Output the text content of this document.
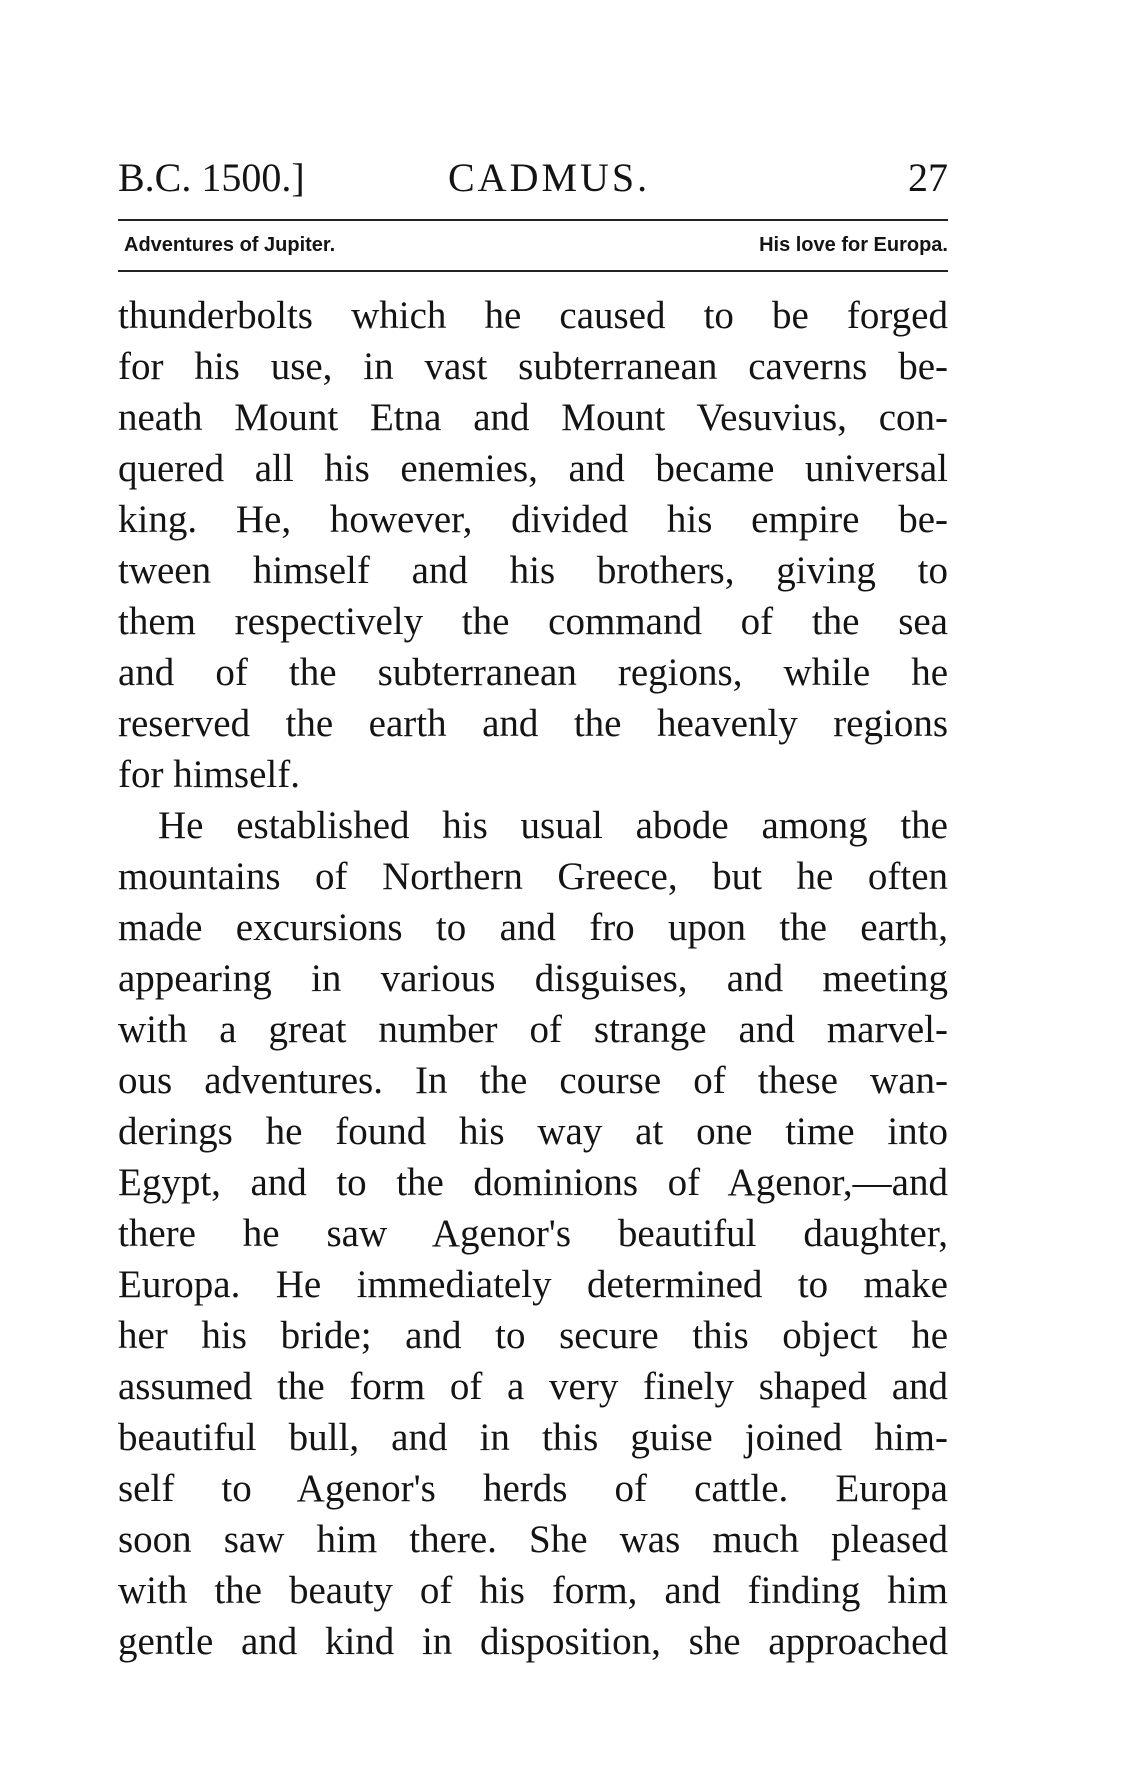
B.C. 1500.]	CADMUS.	27
Adventures of Jupiter.	His love for Europa.
thunderbolts which he caused to be forged
for his use, in vast subterranean caverns be-
neath Mount Etna and Mount Vesuvius, con-
quered all his enemies, and became universal
king. He, however, divided his empire be-
tween himself and his brothers, giving to
them respectively the command of the sea
and of the subterranean regions, while he
reserved the earth and the heavenly regions
for himself.
He established his usual abode among the
mountains of Northern Greece, but he often
made excursions to and fro upon the earth,
appearing in various disguises, and meeting
with a great number of strange and marvel-
ous adventures. In the course of these wan-
derings he found his way at one time into
Egypt, and to the dominions of Agenor,—and
there he saw Agenor's beautiful daughter,
Europa. He immediately determined to make
her his bride; and to secure this object he
assumed the form of a very finely shaped and
beautiful bull, and in this guise joined him-
self to Agenor's herds of cattle. Europa
soon saw him there. She was much pleased
with the beauty of his form, and finding him
gentle and kind in disposition, she approached
